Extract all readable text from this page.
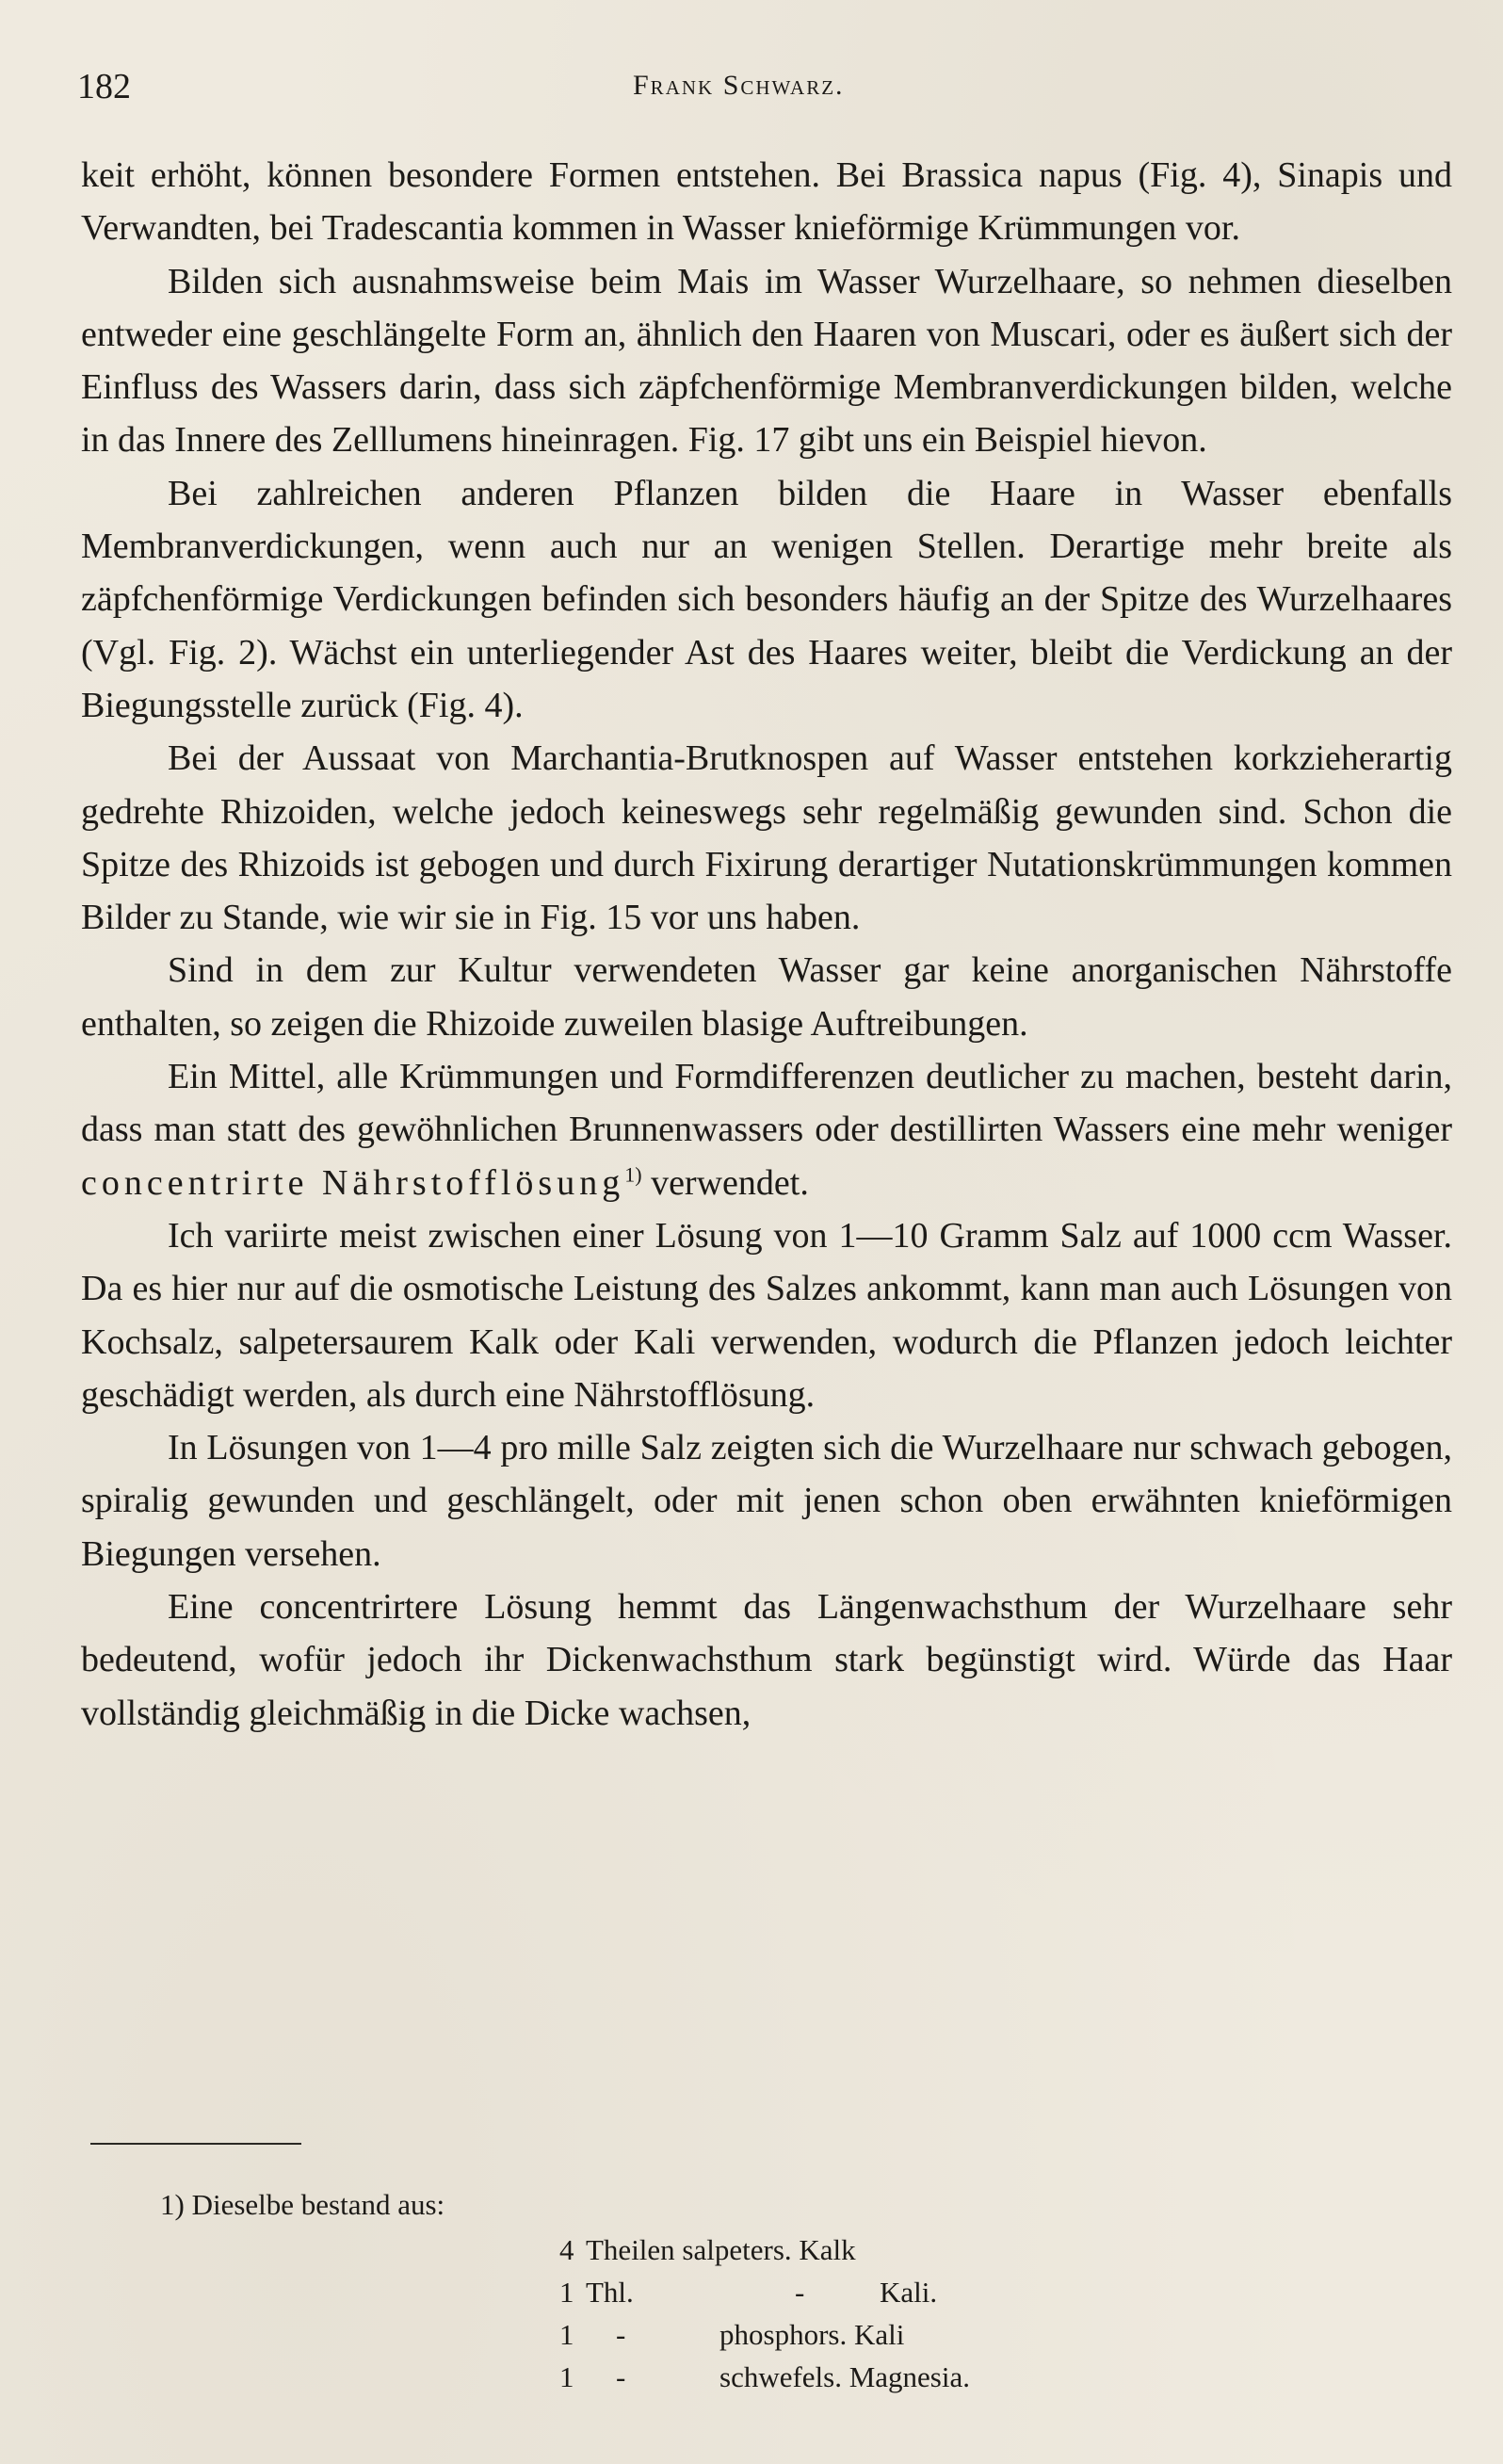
182	Frank Schwarz.

keit erhöht, können besondere Formen entstehen. Bei Brassica napus (Fig. 4), Sinapis und Verwandten, bei Tradescantia kommen in Wasser knieförmige Krümmungen vor.

Bilden sich ausnahmsweise beim Mais im Wasser Wurzelhaare, so nehmen dieselben entweder eine geschlängelte Form an, ähnlich den Haaren von Muscari, oder es äußert sich der Einfluss des Wassers darin, dass sich zäpfchenförmige Membranverdickungen bilden, welche in das Innere des Zelllumens hineinragen. Fig. 17 gibt uns ein Beispiel hievon.

Bei zahlreichen anderen Pflanzen bilden die Haare in Wasser ebenfalls Membranverdickungen, wenn auch nur an wenigen Stellen. Derartige mehr breite als zäpfchenförmige Verdickungen befinden sich besonders häufig an der Spitze des Wurzelhaares (Vgl. Fig. 2). Wächst ein unterliegender Ast des Haares weiter, bleibt die Verdickung an der Biegungsstelle zurück (Fig. 4).

Bei der Aussaat von Marchantia-Brutknospen auf Wasser entstehen korkzieherartig gedrehte Rhizoiden, welche jedoch keineswegs sehr regelmäßig gewunden sind. Schon die Spitze des Rhizoids ist gebogen und durch Fixirung derartiger Nutationskrümmungen kommen Bilder zu Stande, wie wir sie in Fig. 15 vor uns haben.

Sind in dem zur Kultur verwendeten Wasser gar keine anorganischen Nährstoffe enthalten, so zeigen die Rhizoide zuweilen blasige Auftreibungen.

Ein Mittel, alle Krümmungen und Formdifferenzen deutlicher zu machen, besteht darin, dass man statt des gewöhnlichen Brunnenwassers oder destillirten Wassers eine mehr weniger concentrirte Nährstofflösung$^{1)}$ verwendet.

Ich variirte meist zwischen einer Lösung von 1—10 Gramm Salz auf 1000 ccm Wasser. Da es hier nur auf die osmotische Leistung des Salzes ankommt, kann man auch Lösungen von Kochsalz, salpetersaurem Kalk oder Kali verwenden, wodurch die Pflanzen jedoch leichter geschädigt werden, als durch eine Nährstofflösung.

In Lösungen von 1—4 pro mille Salz zeigten sich die Wurzelhaare nur schwach gebogen, spiralig gewunden und geschlängelt, oder mit jenen schon oben erwähnten knieförmigen Biegungen versehen.

Eine concentrirtere Lösung hemmt das Längenwachsthum der Wurzelhaare sehr bedeutend, wofür jedoch ihr Dickenwachsthum stark begünstigt wird. Würde das Haar vollständig gleichmäßig in die Dicke wachsen,

1) Dieselbe bestand aus:

4 Theilen salpeters. Kalk
1 Thl.	-	Kali.
1 -	phosphors. Kali
1 -	schwefels. Magnesia.
